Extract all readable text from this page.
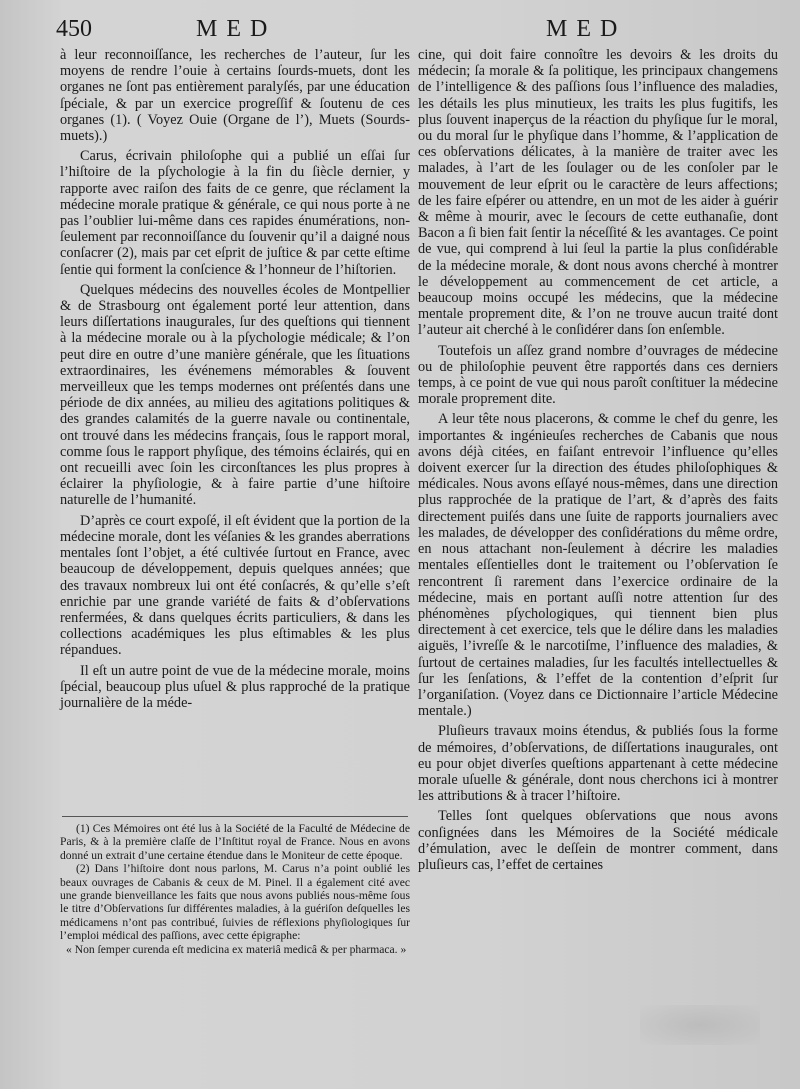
450	MED	MED

à leur reconnoiſſance, les recherches de l’auteur, ſur les moyens de rendre l’ouie à certains ſourds-muets, dont les organes ne ſont pas entièrement paralyſés, par une éducation ſpéciale, & par un exercice progreſſif & ſoutenu de ces organes (1). ( Voyez Ouie (Organe de l’), Muets (Sourds-muets).)

Carus, écrivain philoſophe qui a publié un eſſai ſur l’hiſtoire de la pſychologie à la fin du ſiècle dernier, y rapporte avec raiſon des faits de ce genre, que réclament la médecine morale pratique & générale, ce qui nous porte à ne pas l’oublier lui-même dans ces rapides énumérations, non-ſeulement par reconnoiſſance du ſouvenir qu’il a daigné nous conſacrer (2), mais par cet eſprit de juſtice & par cette eſtime ſentie qui forment la conſcience & l’honneur de l’hiſtorien.

Quelques médecins des nouvelles écoles de Montpellier & de Strasbourg ont également porté leur attention, dans leurs diſſertations inaugurales, ſur des queſtions qui tiennent à la médecine morale ou à la pſychologie médicale; & l’on peut dire en outre d’une manière générale, que les ſituations extraordinaires, les événemens mémorables & ſouvent merveilleux que les temps modernes ont préſentés dans une période de dix années, au milieu des agitations politiques & des grandes calamités de la guerre navale ou continentale, ont trouvé dans les médecins français, ſous le rapport moral, comme ſous le rapport phyſique, des témoins éclairés, qui en ont recueilli avec ſoin les circonſtances les plus propres à éclairer la phyſiologie, & à faire partie d’une hiſtoire naturelle de l’humanité.

D’après ce court expoſé, il eſt évident que la portion de la médecine morale, dont les véſanies & les grandes aberrations mentales ſont l’objet, a été cultivée ſurtout en France, avec beaucoup de développement, depuis quelques années; que des travaux nombreux lui ont été conſacrés, & qu’elle s’eſt enrichie par une grande variété de faits & d’obſervations renfermées, & dans quelques écrits particuliers, & dans les collections académiques les plus eſtimables & les plus répandues.

Il eſt un autre point de vue de la médecine morale, moins ſpécial, beaucoup plus uſuel & plus rapproché de la pratique journalière de la méde-

(1) Ces Mémoires ont été lus à la Société de la Faculté de Médecine de Paris, & à la première claſſe de l’Inſtitut royal de France. Nous en avons donné un extrait d’une certaine étendue dans le Moniteur de cette époque.

(2) Dans l’hiſtoire dont nous parlons, M. Carus n’a point oublié les beaux ouvrages de Cabanis & ceux de M. Pinel. Il a également cité avec une grande bienveillance les faits que nous avons publiés nous-même ſous le titre d’Obſervations ſur différentes maladies, à la guériſon deſquelles les médicamens n’ont pas contribué, ſuivies de réflexions phyſiologiques ſur l’emploi médical des paſſions, avec cette épigraphe:

« Non ſemper curenda eſt medicina ex materiâ medicâ & per pharmaca. »

cine, qui doit faire connoître les devoirs & les droits du médecin; ſa morale & ſa politique, les principaux changemens de l’intelligence & des paſſions ſous l’influence des maladies, les détails les plus minutieux, les traits les plus fugitifs, les plus ſouvent inaperçus de la réaction du phyſique ſur le moral, ou du moral ſur le phyſique dans l’homme, & l’application de ces obſervations délicates, à la manière de traiter avec les malades, à l’art de les ſoulager ou de les conſoler par le mouvement de leur eſprit ou le caractère de leurs affections; de les faire eſpérer ou attendre, en un mot de les aider à guérir & même à mourir, avec le ſecours de cette euthanaſie, dont Bacon a ſi bien fait ſentir la néceſſité & les avantages. Ce point de vue, qui comprend à lui ſeul la partie la plus conſidérable de la médecine morale, & dont nous avons cherché à montrer le développement au commencement de cet article, a beaucoup moins occupé les médecins, que la médecine mentale proprement dite, & l’on ne trouve aucun traité dont l’auteur ait cherché à le conſidérer dans ſon enſemble.

Toutefois un aſſez grand nombre d’ouvrages de médecine ou de philoſophie peuvent être rapportés dans ces derniers temps, à ce point de vue qui nous paroît conſtituer la médecine morale proprement dite.

A leur tête nous placerons, & comme le chef du genre, les importantes & ingénieuſes recherches de Cabanis que nous avons déjà citées, en faiſant entrevoir l’influence qu’elles doivent exercer ſur la direction des études philoſophiques & médicales. Nous avons eſſayé nous-mêmes, dans une direction plus rapprochée de la pratique de l’art, & d’après des faits directement puiſés dans une ſuite de rapports journaliers avec les malades, de développer des conſidérations du même ordre, en nous attachant non-ſeulement à décrire les maladies mentales eſſentielles dont le traitement ou l’obſervation ſe rencontrent ſi rarement dans l’exercice ordinaire de la médecine, mais en portant auſſi notre attention ſur des phénomènes pſychologiques, qui tiennent bien plus directement à cet exercice, tels que le délire dans les maladies aiguës, l’ivreſſe & le narcotiſme, l’influence des maladies, & ſurtout de certaines maladies, ſur les facultés intellectuelles & ſur les ſenſations, & l’effet de la contention d’eſprit ſur l’organiſation. (Voyez dans ce Dictionnaire l’article Médecine mentale.)

Pluſieurs travaux moins étendus, & publiés ſous la forme de mémoires, d’obſervations, de diſſertations inaugurales, ont eu pour objet diverſes queſtions appartenant à cette médecine morale uſuelle & générale, dont nous cherchons ici à montrer les attributions & à tracer l’hiſtoire.

Telles ſont quelques obſervations que nous avons conſignées dans les Mémoires de la Société médicale d’émulation, avec le deſſein de montrer comment, dans pluſieurs cas, l’effet de certaines
